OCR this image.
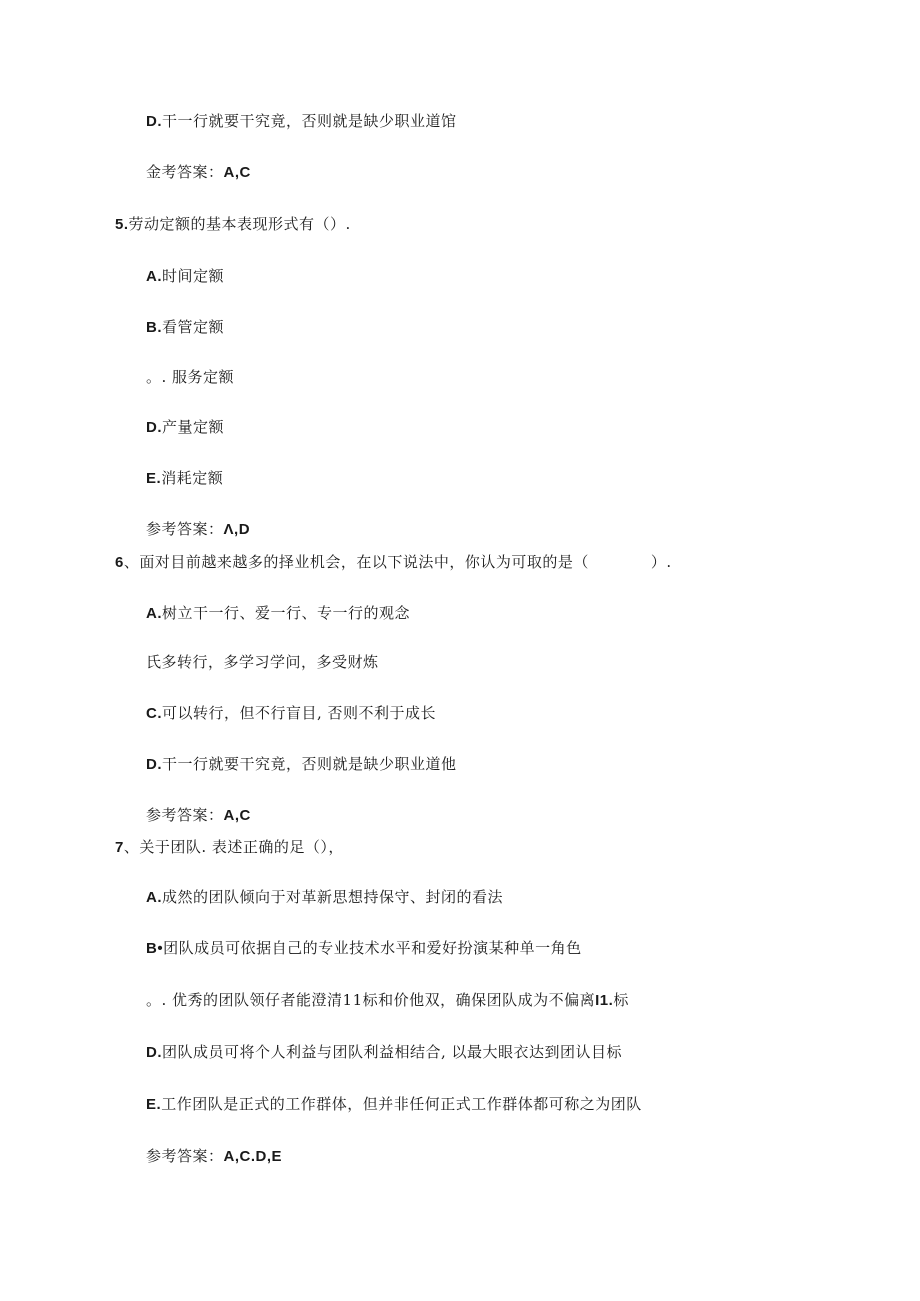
D.干一行就要干究竟，否则就是缺少职业道馆
金考答案：A,C
5.劳动定额的基本表现形式有（）.
A.时间定额
B.看管定额
。. 服务定额
D.产量定额
E.消耗定额
参考答案：Λ,D
6、面对目前越来越多的择业机会，在以下说法中，你认为可取的是（　　　　）.
A.树立干一行、爱一行、专一行的观念
氏多转行，多学习学问，多受财炼
C.可以转行，但不行盲目, 否则不利于成长
D.干一行就要干究竟，否则就是缺少职业道他
参考答案：A,C
7、关于团队. 表述正确的足（），
A.成然的团队倾向于对革新思想持保守、封闭的看法
B•团队成员可依据自己的专业技术水平和爱好扮演某种单一角色
。. 优秀的团队领仔者能澄清11标和价他双，确保团队成为不偏离I1.标
D.团队成员可将个人利益与团队利益相结合, 以最大眼衣达到团认目标
E.工作团队是正式的工作群体，但并非任何正式工作群体都可称之为团队
参考答案：A,C.D,E
